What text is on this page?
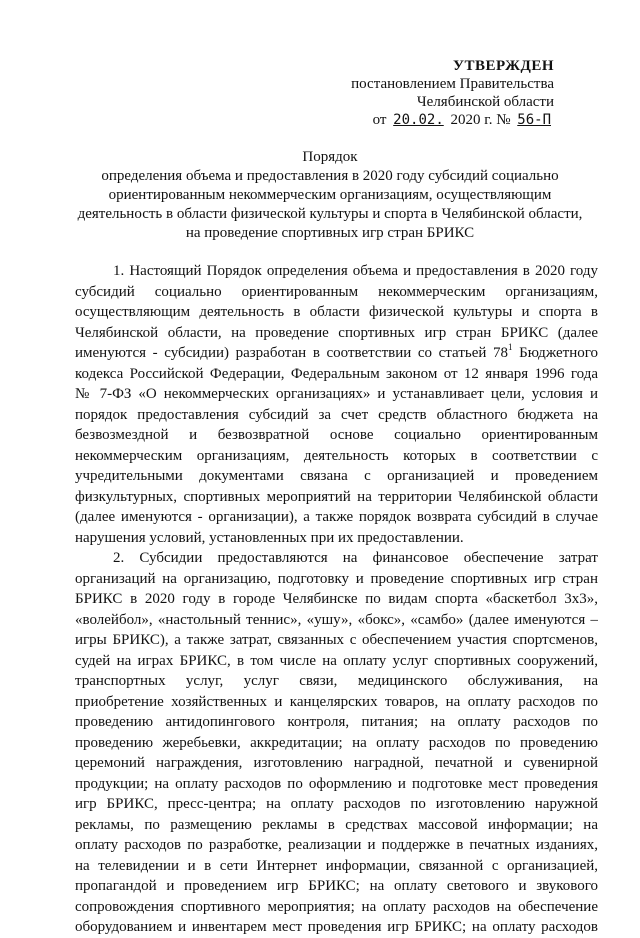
УТВЕРЖДЕН
постановлением Правительства
Челябинской области
от 20.02. 2020 г. № 56-П
Порядок
определения объема и предоставления в 2020 году субсидий социально
ориентированным некоммерческим организациям, осуществляющим
деятельность в области физической культуры и спорта в Челябинской области,
на проведение спортивных игр стран БРИКС
1. Настоящий Порядок определения объема и предоставления в 2020 году
субсидий социально ориентированным некоммерческим организациям,
осуществляющим деятельность в области физической культуры и спорта в
Челябинской области, на проведение спортивных игр стран БРИКС (далее
именуются - субсидии) разработан в соответствии со статьей $78^1$ Бюджетного
кодекса Российской Федерации, Федеральным законом от 12 января 1996 года
№ 7-ФЗ «О некоммерческих организациях» и устанавливает цели, условия и
порядок предоставления субсидий за счет средств областного бюджета на
безвозмездной и безвозвратной основе социально ориентированным
некоммерческим организациям, деятельность которых в соответствии с
учредительными документами связана с организацией и проведением
физкультурных, спортивных мероприятий на территории Челябинской области
(далее именуются - организации), а также порядок возврата субсидий в случае
нарушения условий, установленных при их предоставлении.
2. Субсидии предоставляются на финансовое обеспечение затрат
организаций на организацию, подготовку и проведение спортивных игр стран
БРИКС в 2020 году в городе Челябинске по видам спорта «баскетбол 3х3»,
«волейбол», «настольный теннис», «ушу», «бокс», «самбо» (далее именуются –
игры БРИКС), а также затрат, связанных с обеспечением участия спортсменов,
судей на играх БРИКС, в том числе на оплату услуг спортивных сооружений,
транспортных услуг, услуг связи, медицинского обслуживания, на
приобретение хозяйственных и канцелярских товаров, на оплату расходов по
проведению антидопингового контроля, питания; на оплату расходов по
проведению жеребьевки, аккредитации; на оплату расходов по проведению
церемоний награждения, изготовлению наградной, печатной и сувенирной
продукции; на оплату расходов по оформлению и подготовке мест проведения
игр БРИКС, пресс-центра; на оплату расходов по изготовлению наружной
рекламы, по размещению рекламы в средствах массовой информации; на
оплату расходов по разработке, реализации и поддержке в печатных изданиях,
на телевидении и в сети Интернет информации, связанной с организацией,
пропагандой и проведением игр БРИКС; на оплату светового и звукового
сопровождения спортивного мероприятия; на оплату расходов на обеспечение
оборудованием и инвентарем мест проведения игр БРИКС; на оплату расходов
